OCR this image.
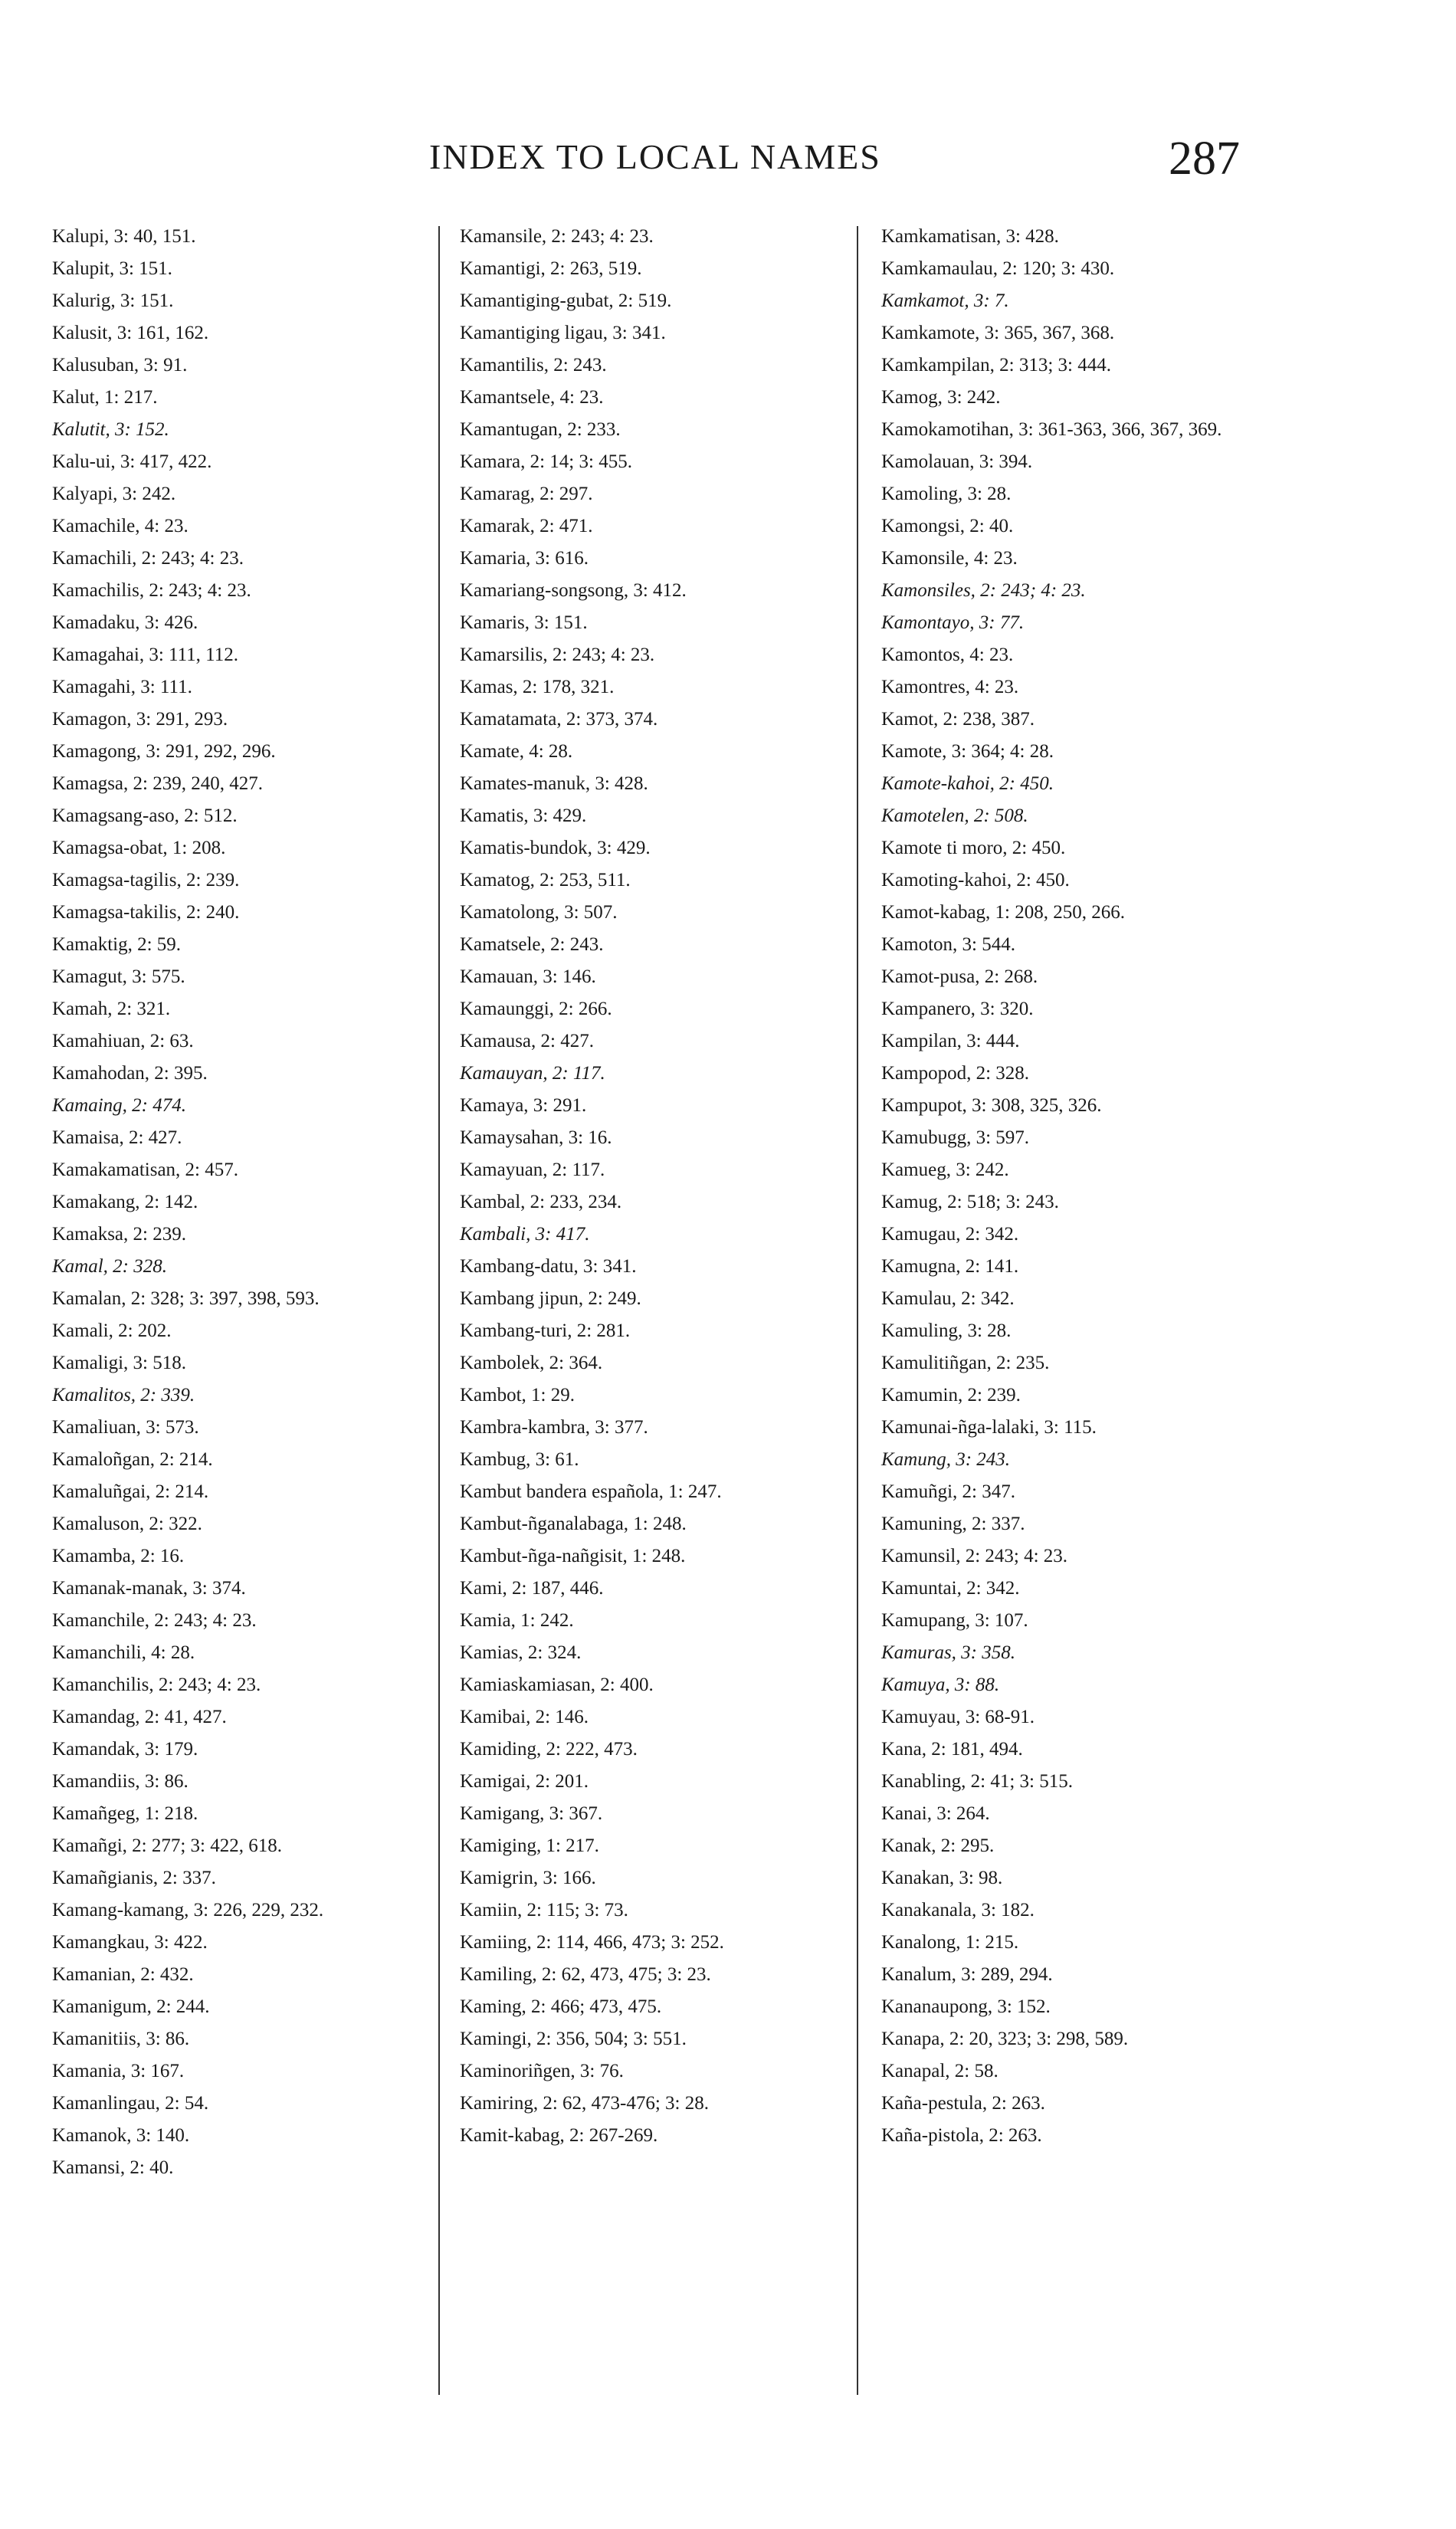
INDEX TO LOCAL NAMES	287
Kalupi, 3: 40, 151.
Kalupit, 3: 151.
Kalurig, 3: 151.
Kalusit, 3: 161, 162.
Kalusuban, 3: 91.
Kalut, 1: 217.
Kalutit, 3: 152.
Kalu-ui, 3: 417, 422.
Kalyapi, 3: 242.
Kamachile, 4: 23.
Kamachili, 2: 243; 4: 23.
Kamachilis, 2: 243; 4: 23.
Kamadaku, 3: 426.
Kamagahai, 3: 111, 112.
Kamagahi, 3: 111.
Kamagon, 3: 291, 293.
Kamagong, 3: 291, 292, 296.
Kamagsa, 2: 239, 240, 427.
Kamagsang-aso, 2: 512.
Kamagsa-obat, 1: 208.
Kamagsa-tagilis, 2: 239.
Kamagsa-takilis, 2: 240.
Kamaktig, 2: 59.
Kamagut, 3: 575.
Kamah, 2: 321.
Kamahiuan, 2: 63.
Kamahodan, 2: 395.
Kamaing, 2: 474.
Kamaisa, 2: 427.
Kamakamatisan, 2: 457.
Kamakang, 2: 142.
Kamaksa, 2: 239.
Kamal, 2: 328.
Kamalan, 2: 328; 3: 397, 398, 593.
Kamali, 2: 202.
Kamaligi, 3: 518.
Kamalitos, 2: 339.
Kamaliuan, 3: 573.
Kamaloñgan, 2: 214.
Kamaluñgai, 2: 214.
Kamaluson, 2: 322.
Kamamba, 2: 16.
Kamanak-manak, 3: 374.
Kamanchile, 2: 243; 4: 23.
Kamanchili, 4: 28.
Kamanchilis, 2: 243; 4: 23.
Kamandag, 2: 41, 427.
Kamandak, 3: 179.
Kamandiis, 3: 86.
Kamañgeg, 1: 218.
Kamañgi, 2: 277; 3: 422, 618.
Kamañgianis, 2: 337.
Kamang-kamang, 3: 226, 229, 232.
Kamangkau, 3: 422.
Kamanian, 2: 432.
Kamanigum, 2: 244.
Kamanitiis, 3: 86.
Kamania, 3: 167.
Kamanlingau, 2: 54.
Kamanok, 3: 140.
Kamansi, 2: 40.
Kamansile, 2: 243; 4: 23.
Kamantigi, 2: 263, 519.
Kamantiging-gubat, 2: 519.
Kamantiging ligau, 3: 341.
Kamantilis, 2: 243.
Kamantsele, 4: 23.
Kamantugan, 2: 233.
Kamara, 2: 14; 3: 455.
Kamarag, 2: 297.
Kamarak, 2: 471.
Kamaria, 3: 616.
Kamariang-songsong, 3: 412.
Kamaris, 3: 151.
Kamarsilis, 2: 243; 4: 23.
Kamas, 2: 178, 321.
Kamatamata, 2: 373, 374.
Kamate, 4: 28.
Kamates-manuk, 3: 428.
Kamatis, 3: 429.
Kamatis-bundok, 3: 429.
Kamatog, 2: 253, 511.
Kamatolong, 3: 507.
Kamatsele, 2: 243.
Kamauan, 3: 146.
Kamaunggi, 2: 266.
Kamausa, 2: 427.
Kamauyan, 2: 117.
Kamaya, 3: 291.
Kamaysahan, 3: 16.
Kamayuan, 2: 117.
Kambal, 2: 233, 234.
Kambali, 3: 417.
Kambang-datu, 3: 341.
Kambang jipun, 2: 249.
Kambang-turi, 2: 281.
Kambolek, 2: 364.
Kambot, 1: 29.
Kambra-kambra, 3: 377.
Kambug, 3: 61.
Kambut bandera española, 1: 247.
Kambut-ñganalabaga, 1: 248.
Kambut-ñga-nañgisit, 1: 248.
Kami, 2: 187, 446.
Kamia, 1: 242.
Kamias, 2: 324.
Kamiaskamiasan, 2: 400.
Kamibai, 2: 146.
Kamiding, 2: 222, 473.
Kamigai, 2: 201.
Kamigang, 3: 367.
Kamiging, 1: 217.
Kamigrin, 3: 166.
Kamiin, 2: 115; 3: 73.
Kamiing, 2: 114, 466, 473; 3: 252.
Kamiling, 2: 62, 473, 475; 3: 23.
Kaming, 2: 466; 473, 475.
Kamingi, 2: 356, 504; 3: 551.
Kaminoriñgen, 3: 76.
Kamiring, 2: 62, 473-476; 3: 28.
Kamit-kabag, 2: 267-269.
Kamkamatisan, 3: 428.
Kamkamaulau, 2: 120; 3: 430.
Kamkamot, 3: 7.
Kamkamote, 3: 365, 367, 368.
Kamkampilan, 2: 313; 3: 444.
Kamog, 3: 242.
Kamokamotihan, 3: 361-363, 366, 367, 369.
Kamolauan, 3: 394.
Kamoling, 3: 28.
Kamongsi, 2: 40.
Kamonsile, 4: 23.
Kamonsiles, 2: 243; 4: 23.
Kamontayo, 3: 77.
Kamontos, 4: 23.
Kamontres, 4: 23.
Kamot, 2: 238, 387.
Kamote, 3: 364; 4: 28.
Kamote-kahoi, 2: 450.
Kamotelen, 2: 508.
Kamote ti moro, 2: 450.
Kamoting-kahoi, 2: 450.
Kamot-kabag, 1: 208, 250, 266.
Kamoton, 3: 544.
Kamot-pusa, 2: 268.
Kampanero, 3: 320.
Kampilan, 3: 444.
Kampopod, 2: 328.
Kampupot, 3: 308, 325, 326.
Kamubugg, 3: 597.
Kamueg, 3: 242.
Kamug, 2: 518; 3: 243.
Kamugau, 2: 342.
Kamugna, 2: 141.
Kamulau, 2: 342.
Kamuling, 3: 28.
Kamulitiñgan, 2: 235.
Kamumin, 2: 239.
Kamunai-ñga-lalaki, 3: 115.
Kamung, 3: 243.
Kamuñgi, 2: 347.
Kamuning, 2: 337.
Kamunsil, 2: 243; 4: 23.
Kamuntai, 2: 342.
Kamupang, 3: 107.
Kamuras, 3: 358.
Kamuya, 3: 88.
Kamuyau, 3: 68-91.
Kana, 2: 181, 494.
Kanabling, 2: 41; 3: 515.
Kanai, 3: 264.
Kanak, 2: 295.
Kanakan, 3: 98.
Kanakanala, 3: 182.
Kanalong, 1: 215.
Kanalum, 3: 289, 294.
Kananaupong, 3: 152.
Kanapa, 2: 20, 323; 3: 298, 589.
Kanapal, 2: 58.
Kaña-pestula, 2: 263.
Kaña-pistola, 2: 263.
